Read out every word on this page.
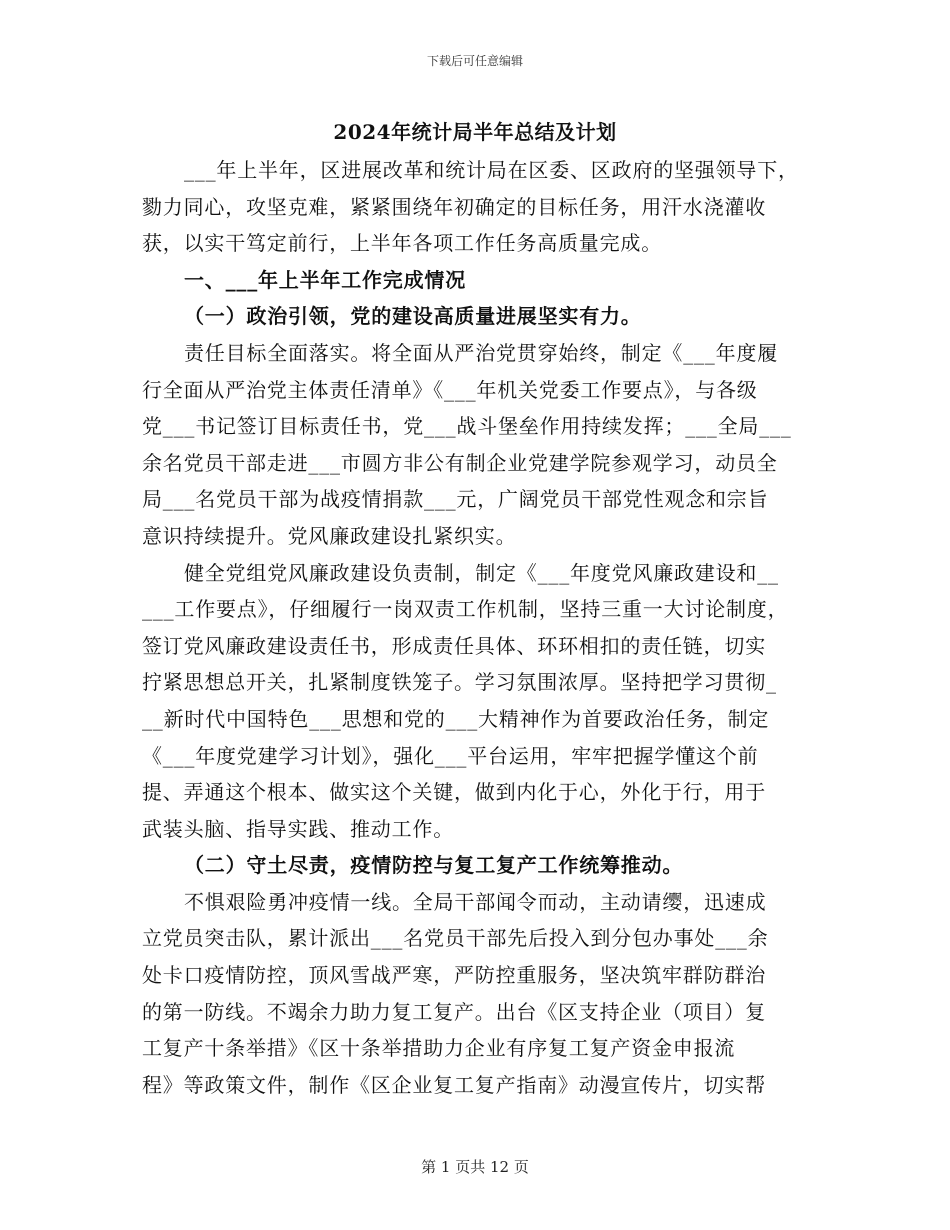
下载后可任意编辑
2024年统计局半年总结及计划
___年上半年，区进展改革和统计局在区委、区政府的坚强领导下，
勠力同心，攻坚克难，紧紧围绕年初确定的目标任务，用汗水浇灌收
获，以实干笃定前行，上半年各项工作任务高质量完成。
一、___年上半年工作完成情况
（一）政治引领，党的建设高质量进展坚实有力。
责任目标全面落实。将全面从严治党贯穿始终，制定《___年度履
行全面从严治党主体责任清单》《___年机关党委工作要点》，与各级
党___书记签订目标责任书，党___战斗堡垒作用持续发挥；___全局___
余名党员干部走进___市圆方非公有制企业党建学院参观学习，动员全
局___名党员干部为战疫情捐款___元，广阔党员干部党性观念和宗旨
意识持续提升。党风廉政建设扎紧织实。
健全党组党风廉政建设负责制，制定《___年度党风廉政建设和__
___工作要点》，仔细履行一岗双责工作机制，坚持三重一大讨论制度，
签订党风廉政建设责任书，形成责任具体、环环相扣的责任链，切实
拧紧思想总开关，扎紧制度铁笼子。学习氛围浓厚。坚持把学习贯彻_
__新时代中国特色___思想和党的___大精神作为首要政治任务，制定
《___年度党建学习计划》，强化___平台运用，牢牢把握学懂这个前
提、弄通这个根本、做实这个关键，做到内化于心，外化于行，用于
武装头脑、指导实践、推动工作。
（二）守土尽责，疫情防控与复工复产工作统筹推动。
不惧艰险勇冲疫情一线。全局干部闻令而动，主动请缨，迅速成
立党员突击队，累计派出___名党员干部先后投入到分包办事处___余
处卡口疫情防控，顶风雪战严寒，严防控重服务，坚决筑牢群防群治
的第一防线。不竭余力助力复工复产。出台《区支持企业（项目）复
工复产十条举措》《区十条举措助力企业有序复工复产资金申报流
程》等政策文件，制作《区企业复工复产指南》动漫宣传片，切实帮
第 1 页共 12 页
